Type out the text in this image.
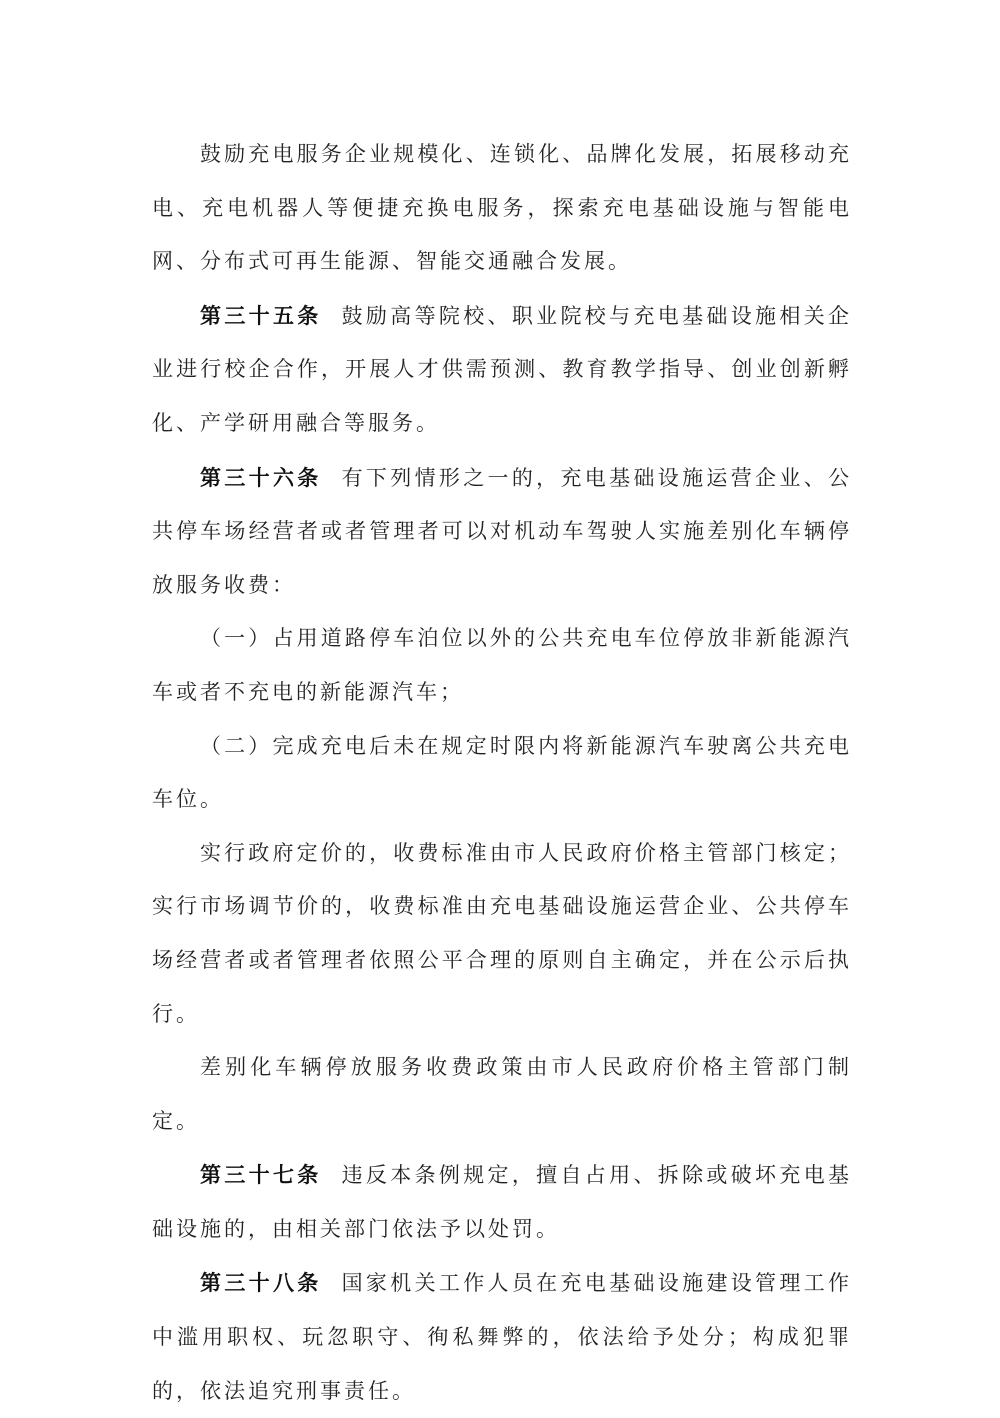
鼓励充电服务企业规模化、连锁化、品牌化发展，拓展移动充电、充电机器人等便捷充换电服务，探索充电基础设施与智能电网、分布式可再生能源、智能交通融合发展。

第三十五条 鼓励高等院校、职业院校与充电基础设施相关企业进行校企合作，开展人才供需预测、教育教学指导、创业创新孵化、产学研用融合等服务。

第三十六条 有下列情形之一的，充电基础设施运营企业、公共停车场经营者或者管理者可以对机动车驾驶人实施差别化车辆停放服务收费：

（一）占用道路停车泊位以外的公共充电车位停放非新能源汽车或者不充电的新能源汽车；

（二）完成充电后未在规定时限内将新能源汽车驶离公共充电车位。

实行政府定价的，收费标准由市人民政府价格主管部门核定；实行市场调节价的，收费标准由充电基础设施运营企业、公共停车场经营者或者管理者依照公平合理的原则自主确定，并在公示后执行。

差别化车辆停放服务收费政策由市人民政府价格主管部门制定。

第三十七条 违反本条例规定，擅自占用、拆除或破坏充电基础设施的，由相关部门依法予以处罚。

第三十八条 国家机关工作人员在充电基础设施建设管理工作中滥用职权、玩忽职守、徇私舞弊的，依法给予处分；构成犯罪的，依法追究刑事责任。
